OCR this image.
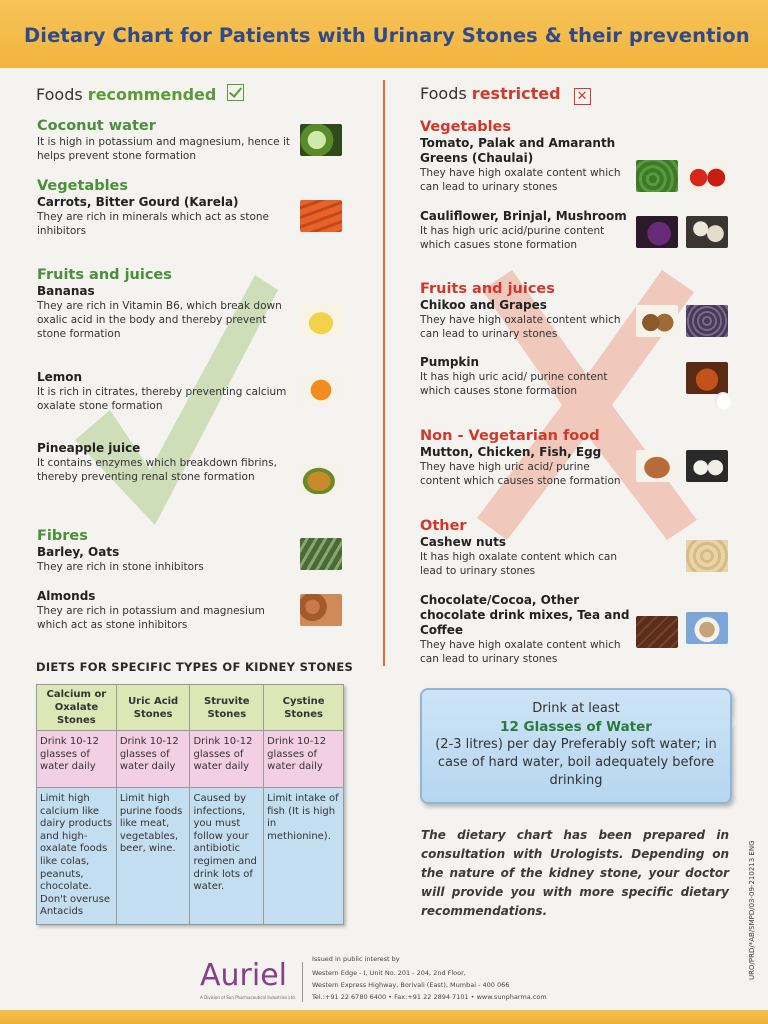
Dietary Chart for Patients with Urinary Stones & their prevention
Foods recommended	Foods restricted ✕
Coconut water
It is high in potassium and magnesium, hence it helps prevent stone formation
Vegetables
Carrots, Bitter Gourd (Karela)
They are rich in minerals which act as stone inhibitors
Fruits and juices
Bananas
They are rich in Vitamin B6, which break down oxalic acid in the body and thereby prevent stone formation
Lemon
It is rich in citrates, thereby preventing calcium oxalate stone formation
Pineapple juice
It contains enzymes which breakdown fibrins, thereby preventing renal stone formation
Fibres
Barley, Oats
They are rich in stone inhibitors
Almonds
They are rich in potassium and magnesium which act as stone inhibitors
Vegetables
Tomato, Palak and Amaranth Greens (Chaulai)
They have high oxalate content which can lead to urinary stones
Cauliflower, Brinjal, Mushroom
It has high uric acid/purine content which casues stone formation
Fruits and juices
Chikoo and Grapes
They have high oxalate content which can lead to urinary stones
Pumpkin
It has high uric acid/ purine content which causes stone formation
Non - Vegetarian food
Mutton, Chicken, Fish, Egg
They have high uric acid/ purine content which causes stone formation
Other
Cashew nuts
It has high oxalate content which can lead to urinary stones
Chocolate/Cocoa, Other chocolate drink mixes, Tea and Coffee
They have high oxalate content which can lead to urinary stones
DIETS FOR SPECIFIC TYPES OF KIDNEY STONES
Calcium or Oxalate Stones	Uric Acid Stones	Struvite Stones	Cystine Stones
Drink 10-12 glasses of water daily	Drink 10-12 glasses of water daily	Drink 10-12 glasses of water daily	Drink 10-12 glasses of water daily
Limit high calcium like dairy products and high-oxalate foods like colas, peanuts, chocolate. Don't overuse Antacids	Limit high purine foods like meat, vegetables, beer, wine.	Caused by infections, you must follow your antibiotic regimen and drink lots of water.	Limit intake of fish (It is high in methionine).
Drink at least
12 Glasses of Water
(2-3 litres) per day Preferably soft water; in case of hard water, boil adequately before drinking
The dietary chart has been prepared in consultation with Urologists. Depending on the nature of the kidney stone, your doctor will provide you with more specific dietary recommendations.
Auriel
A Division of Sun Pharmaceutical Industries Ltd.
Issued in public interest by
Western Edge - I, Unit No. 201 - 204, 2nd Floor,
Western Express Highway, Borivali (East), Mumbai - 400 066
Tel.:+91 22 6780 6400 • Fax:+91 22 2894 7101 • www.sunpharma.com
URO/PRD/*AB/SMPD/03-09-210213 ENG
